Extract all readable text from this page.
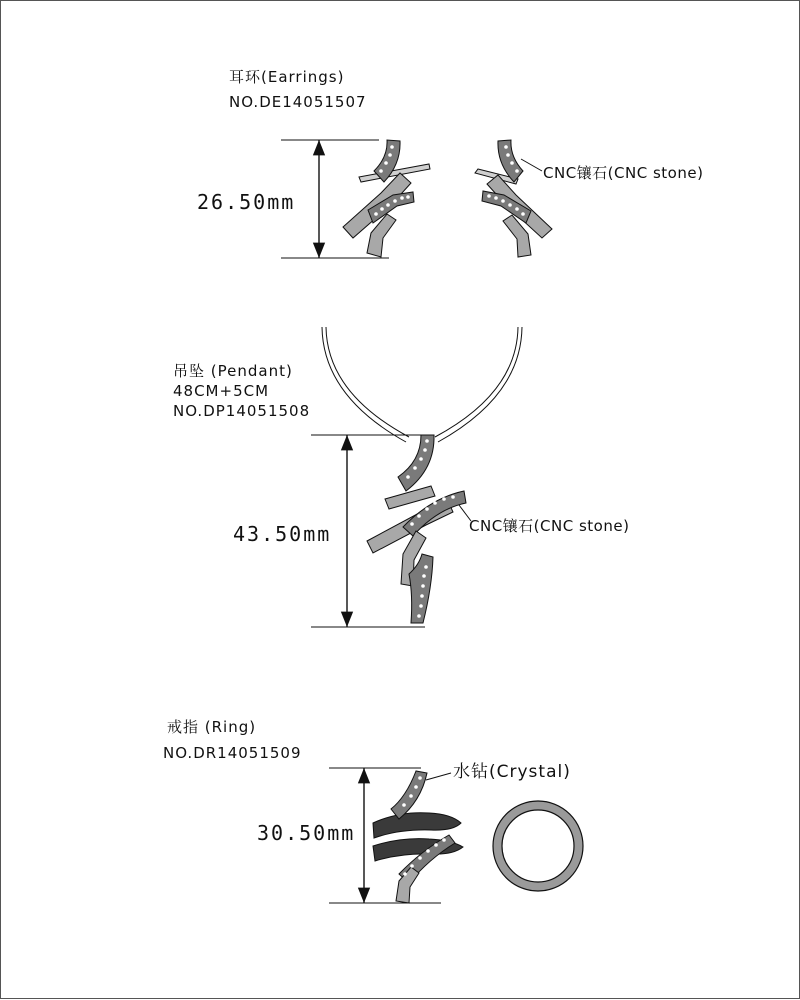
耳环(Earrings)
NO.DE14051507
26.50mm
CNC镶石(CNC stone)
吊坠 (Pendant)
48CM+5CM
NO.DP14051508
43.50mm	CNC镶石(CNC stone)
戒指 (Ring)
NO.DR14051509
30.50mm
水钻(Crystal)
